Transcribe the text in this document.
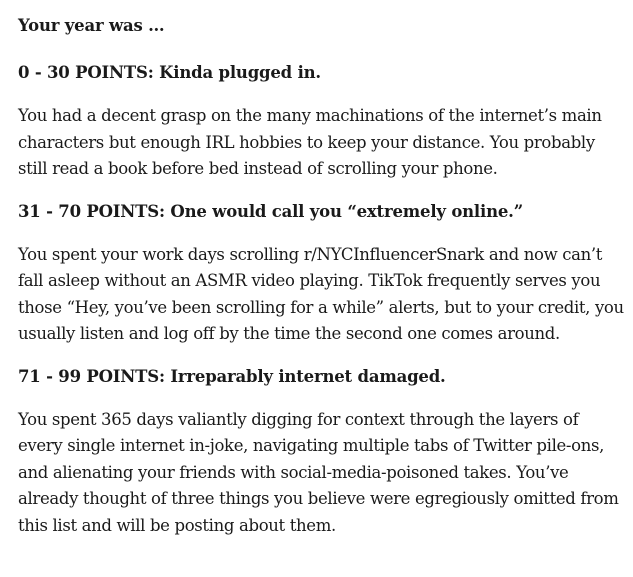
Your year was …

0 - 30 POINTS: Kinda plugged in.

You had a decent grasp on the many machinations of the internet’s main characters but enough IRL hobbies to keep your distance. You probably still read a book before bed instead of scrolling your phone.

31 - 70 POINTS: One would call you “extremely online.”

You spent your work days scrolling r/NYCInfluencerSnark and now can’t fall asleep without an ASMR video playing. TikTok frequently serves you those “Hey, you’ve been scrolling for a while” alerts, but to your credit, you usually listen and log off by the time the second one comes around.

71 - 99 POINTS: Irreparably internet damaged.

You spent 365 days valiantly digging for context through the layers of every single internet in-joke, navigating multiple tabs of Twitter pile-ons, and alienating your friends with social-media-poisoned takes. You’ve already thought of three things you believe were egregiously omitted from this list and will be posting about them.
